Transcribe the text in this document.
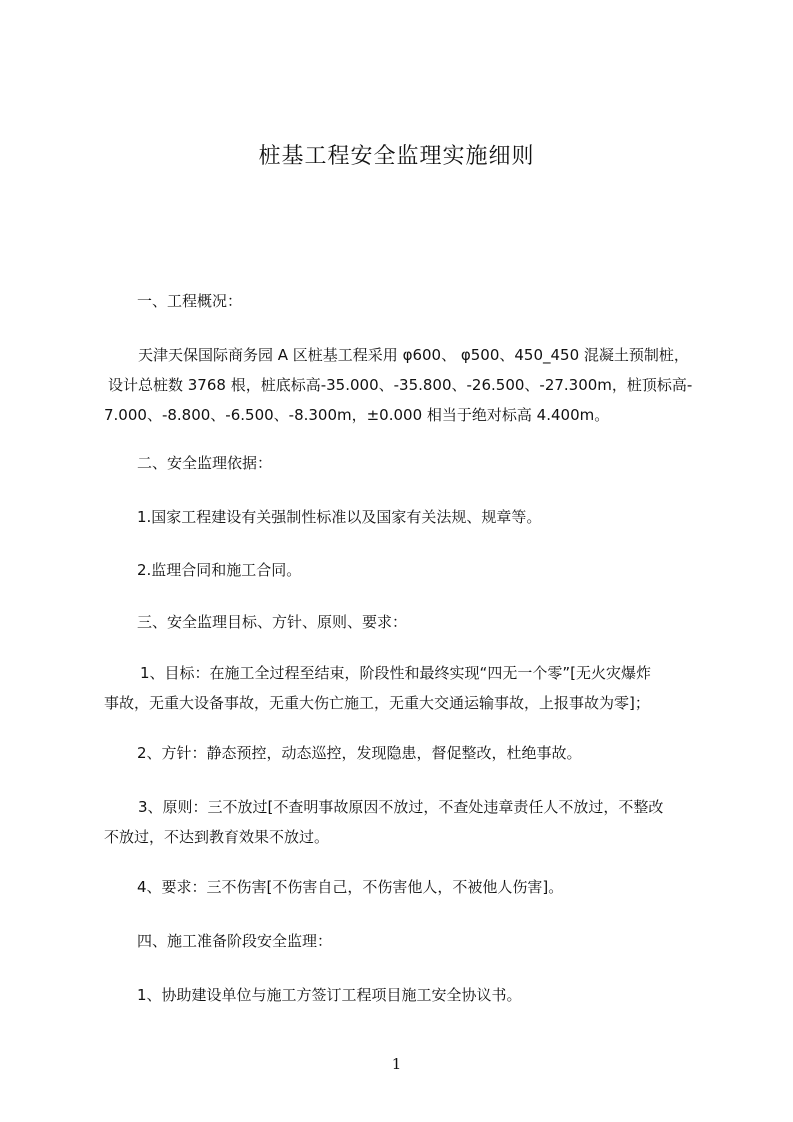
桩基工程安全监理实施细则

一、工程概况：

天津天保国际商务园 A 区桩基工程采用 φ600、 φ500、450_450 混凝土预制桩，
设计总桩数 3768 根，桩底标高-35.000、-35.800、-26.500、-27.300m，桩顶标高-
7.000、-8.800、-6.500、-8.300m，±0.000 相当于绝对标高 4.400m。

二、安全监理依据：

1.国家工程建设有关强制性标准以及国家有关法规、规章等。

2.监理合同和施工合同。

三、安全监理目标、方针、原则、要求：

1、目标：在施工全过程至结束，阶段性和最终实现“四无一个零”[无火灾爆炸
事故，无重大设备事故，无重大伤亡施工，无重大交通运输事故，上报事故为零]；

2、方针：静态预控，动态巡控，发现隐患，督促整改，杜绝事故。

3、原则：三不放过[不查明事故原因不放过，不查处违章责任人不放过，不整改
不放过，不达到教育效果不放过。

4、要求：三不伤害[不伤害自己，不伤害他人，不被他人伤害]。

四、施工准备阶段安全监理：

1、协助建设单位与施工方签订工程项目施工安全协议书。

1
